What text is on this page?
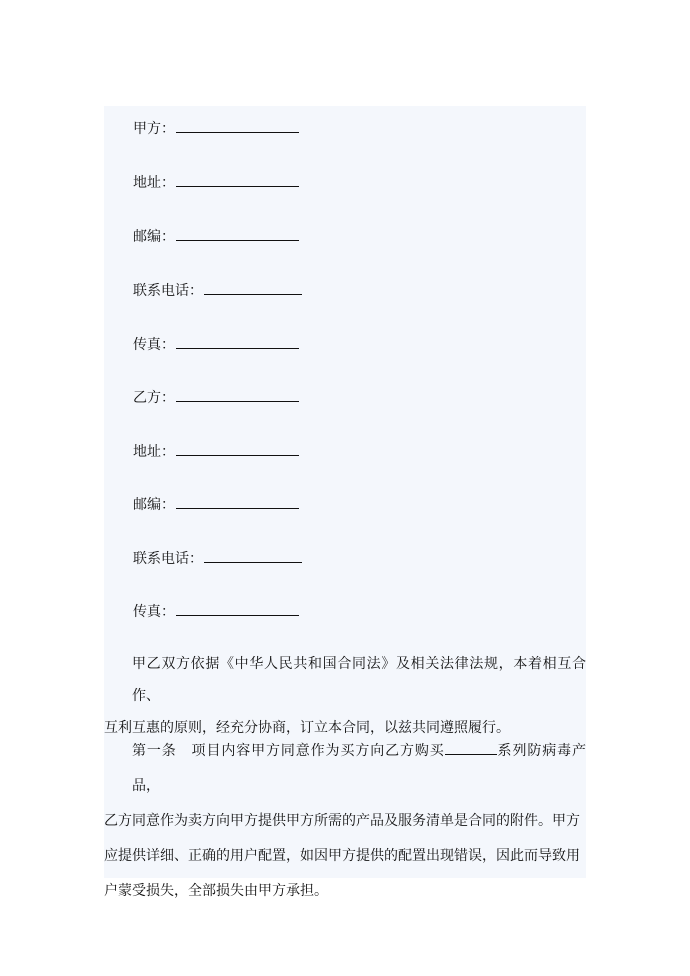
甲方：
地址：
邮编：
联系电话：
传真：
乙方：
地址：
邮编：
联系电话：
传真：

甲乙双方依据《中华人民共和国合同法》及相关法律法规，本着相互合作、

互利互惠的原则，经充分协商，订立本合同，以兹共同遵照履行。

第一条　项目内容甲方同意作为买方向乙方购买	系列防病毒产品，

乙方同意作为卖方向甲方提供甲方所需的产品及服务清单是合同的附件。甲方

应提供详细、正确的用户配置，如因甲方提供的配置出现错误，因此而导致用

户蒙受损失，全部损失由甲方承担。
